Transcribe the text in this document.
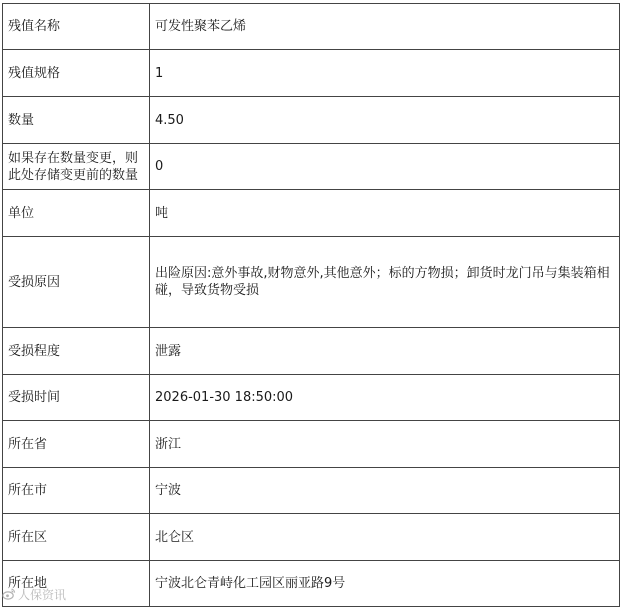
残值名称	可发性聚苯乙烯
残值规格	1
数量	4.50
如果存在数量变更，则此处存储变更前的数量	0
单位	吨
受损原因	出险原因:意外事故,财物意外,其他意外；标的方物损；卸货时龙门吊与集装箱相碰，导致货物受损
受损程度	泄露
受损时间	2026-01-30 18:50:00
所在省	浙江
所在市	宁波
所在区	北仑区
所在地	宁波北仑青峙化工园区丽亚路9号
人保资讯
